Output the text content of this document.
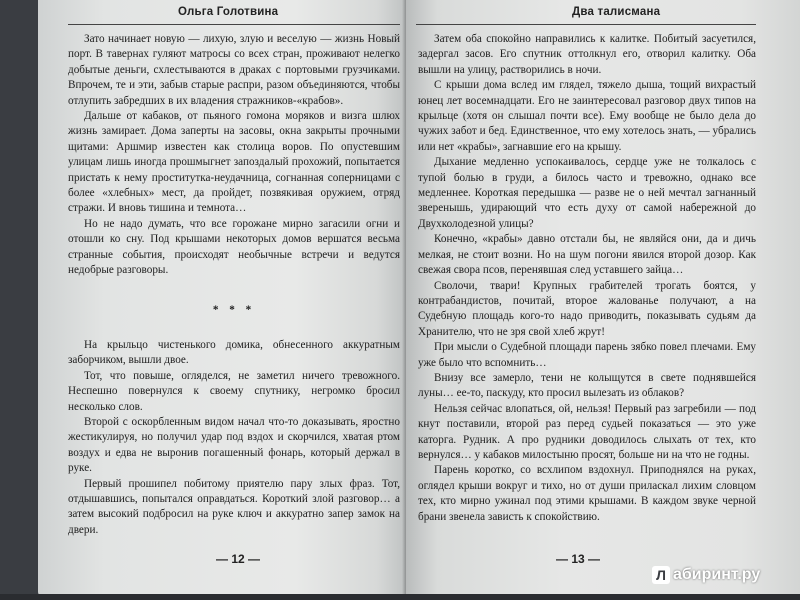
Ольга Голотвина

Зато начинает новую — лихую, злую и веселую — жизнь Новый порт. В тавернах гуляют матросы со всех стран, проживают нелегко добытые деньги, схлестываются в драках с портовыми грузчиками. Впрочем, те и эти, забыв старые распри, разом объединяются, чтобы отлупить забредших в их владения стражников-«крабов».

Дальше от кабаков, от пьяного гомона моряков и визга шлюх жизнь замирает. Дома заперты на засовы, окна закрыты прочными щитами: Аршмир известен как столица воров. По опустевшим улицам лишь иногда прошмыгнет запоздалый прохожий, попытается пристать к нему проститутка-неудачница, согнанная соперницами с более «хлебных» мест, да пройдет, позвякивая оружием, отряд стражи. И вновь тишина и темнота…

Но не надо думать, что все горожане мирно загасили огни и отошли ко сну. Под крышами некоторых домов вершатся весьма странные события, происходят необычные встречи и ведутся недобрые разговоры.

* * *

На крыльцо чистенького домика, обнесенного аккуратным заборчиком, вышли двое.

Тот, что повыше, огляделся, не заметил ничего тревожного. Неспешно повернулся к своему спутнику, негромко бросил несколько слов.

Второй с оскорбленным видом начал что-то доказывать, яростно жестикулируя, но получил удар под вздох и скорчился, хватая ртом воздух и едва не выронив погашенный фонарь, который держал в руке.

Первый прошипел побитому приятелю пару злых фраз. Тот, отдышавшись, попытался оправдаться. Короткий злой разговор… а затем высокий подбросил на руке ключ и аккуратно запер замок на двери.

— 12 —
Два талисмана

Затем оба спокойно направились к калитке. Побитый засуетился, задергал засов. Его спутник оттолкнул его, отворил калитку. Оба вышли на улицу, растворились в ночи.

С крыши дома вслед им глядел, тяжело дыша, тощий вихрастый юнец лет восемнадцати. Его не заинтересовал разговор двух типов на крыльце (хотя он слышал почти все). Ему вообще не было дела до чужих забот и бед. Единственное, что ему хотелось знать, — убрались или нет «крабы», загнавшие его на крышу.

Дыхание медленно успокаивалось, сердце уже не толкалось с тупой болью в груди, а билось часто и тревожно, однако все медленнее. Короткая передышка — разве не о ней мечтал загнанный зверенышь, удирающий что есть духу от самой набережной до Двухколодезной улицы?

Конечно, «крабы» давно отстали бы, не являйся они, да и дичь мелкая, не стоит возни. Но на шум погони явился второй дозор. Как свежая свора псов, перенявшая след уставшего зайца…

Сволочи, твари! Крупных грабителей трогать боятся, у контрабандистов, почитай, второе жалованье получают, а на Судебную площадь кого-то надо приводить, показывать судьям да Хранителю, что не зря свой хлеб жрут!

При мысли о Судебной площади парень зябко повел плечами. Ему уже было что вспомнить…

Внизу все замерло, тени не колыщутся в свете поднявшейся луны… ее-то, паскуду, кто просил вылезать из облаков?

Нельзя сейчас влопаться, ой, нельзя! Первый раз загребили — под кнут поставили, второй раз перед судьей показаться — это уже каторга. Рудник. А про рудники доводилось слыхать от тех, кто вернулся… у кабаков милостыню просят, больше ни на что не годны.

Парень коротко, со всхлипом вздохнул. Приподнялся на руках, оглядел крыши вокруг и тихо, но от души приласкал лихим словцом тех, кто мирно ужинал под этими крышами. В каждом звуке черной брани звенела зависть к спокойствию.

— 13 —
Л абиринт.ру
